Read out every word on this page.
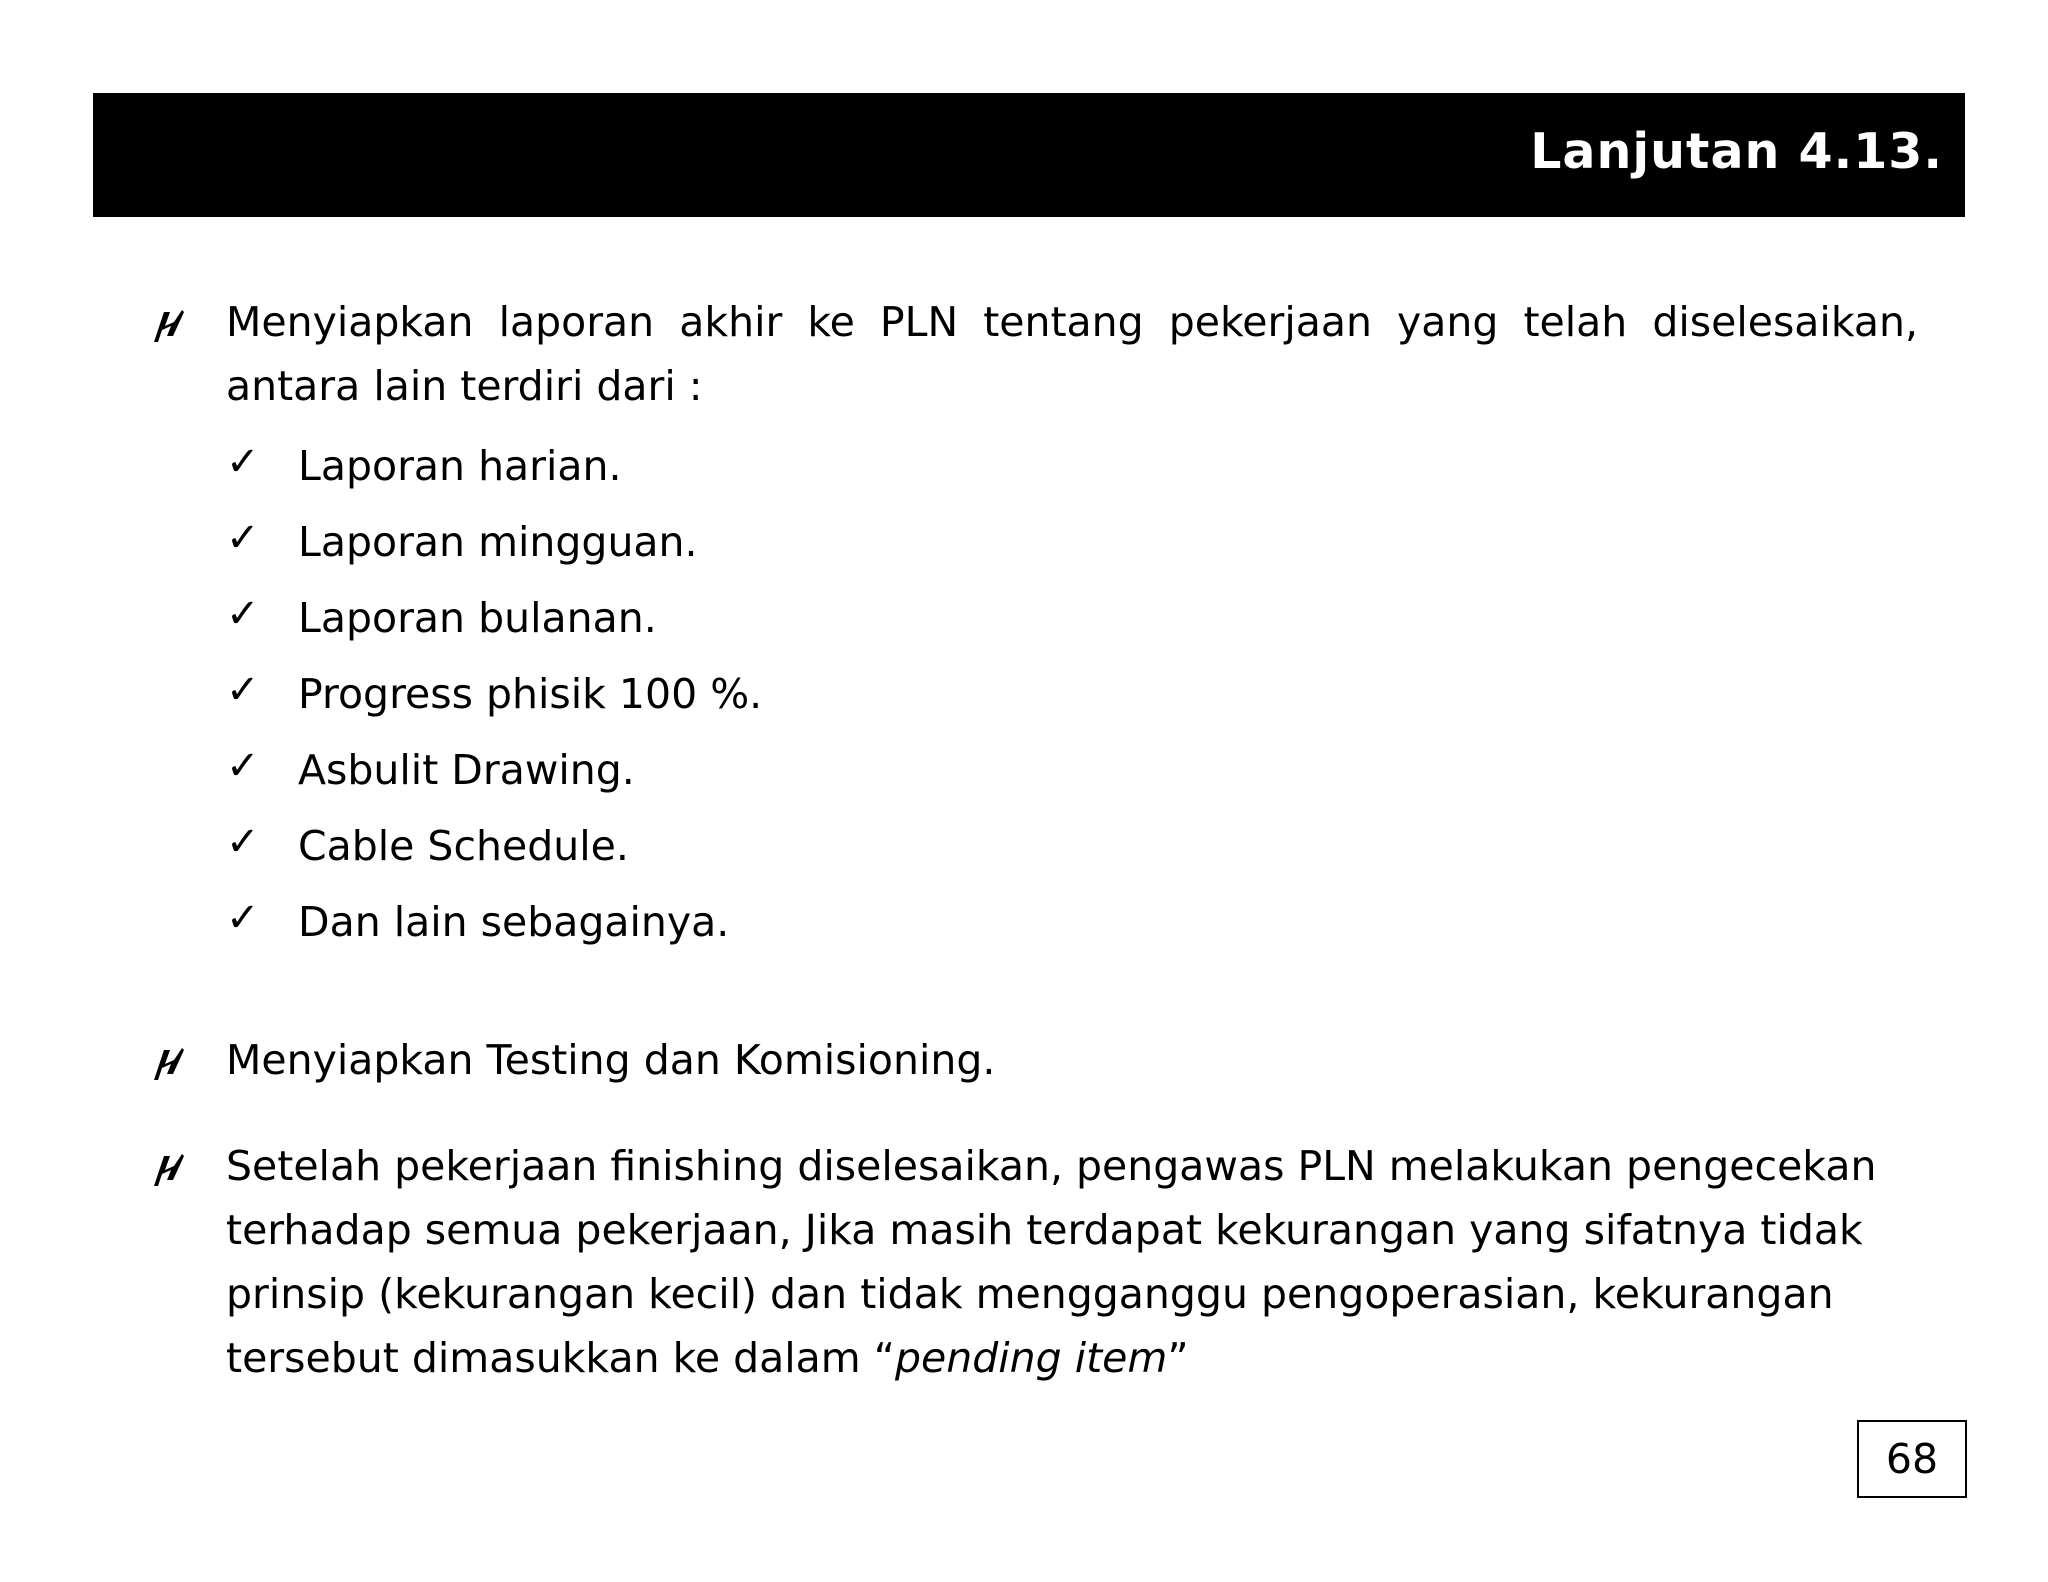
Lanjutan 4.13.
Menyiapkan laporan akhir ke PLN tentang pekerjaan yang telah diselesaikan, antara lain terdiri dari :
✓ Laporan harian.
✓ Laporan mingguan.
✓ Laporan bulanan.
✓ Progress phisik 100 %.
✓ Asbulit Drawing.
✓ Cable Schedule.
✓ Dan lain sebagainya.
Menyiapkan Testing dan Komisioning.
Setelah pekerjaan finishing diselesaikan, pengawas PLN melakukan pengecekan
terhadap semua pekerjaan, Jika masih terdapat kekurangan yang sifatnya tidak
prinsip (kekurangan kecil) dan tidak mengganggu pengoperasian, kekurangan
tersebut dimasukkan ke dalam “pending item”
68
